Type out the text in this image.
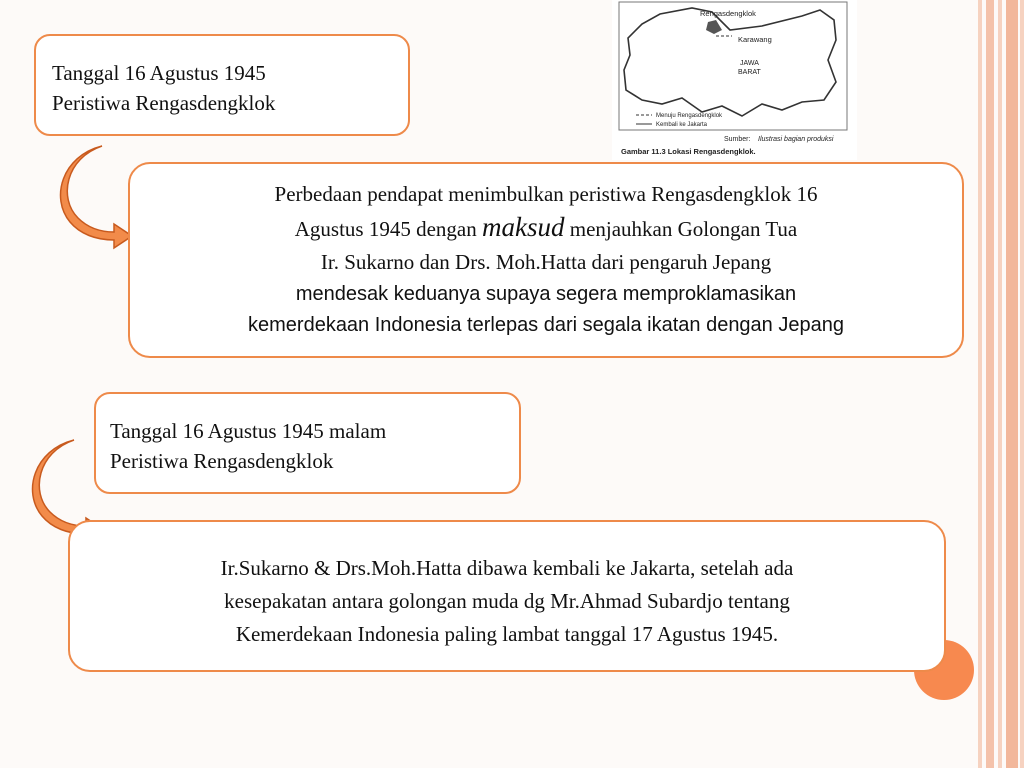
Rengasdengklok
Karawang
JAWA
BARAT
Menuju Rengasdengklok
Kembali ke Jakarta
Sumber: Ilustrasi bagian produksi
Gambar 11.3 Lokasi Rengasdengklok.
Tanggal 16 Agustus 1945
Peristiwa Rengasdengklok
Perbedaan pendapat menimbulkan peristiwa Rengasdengklok 16
Agustus 1945 dengan maksud menjauhkan Golongan Tua
Ir. Sukarno dan Drs. Moh.Hatta dari pengaruh Jepang
mendesak keduanya supaya segera memproklamasikan
kemerdekaan Indonesia terlepas dari segala ikatan dengan Jepang
Tanggal 16 Agustus 1945 malam
Peristiwa Rengasdengklok
Ir.Sukarno & Drs.Moh.Hatta dibawa kembali ke Jakarta, setelah ada
kesepakatan antara golongan muda dg Mr.Ahmad Subardjo tentang
Kemerdekaan Indonesia paling lambat tanggal 17 Agustus 1945.
